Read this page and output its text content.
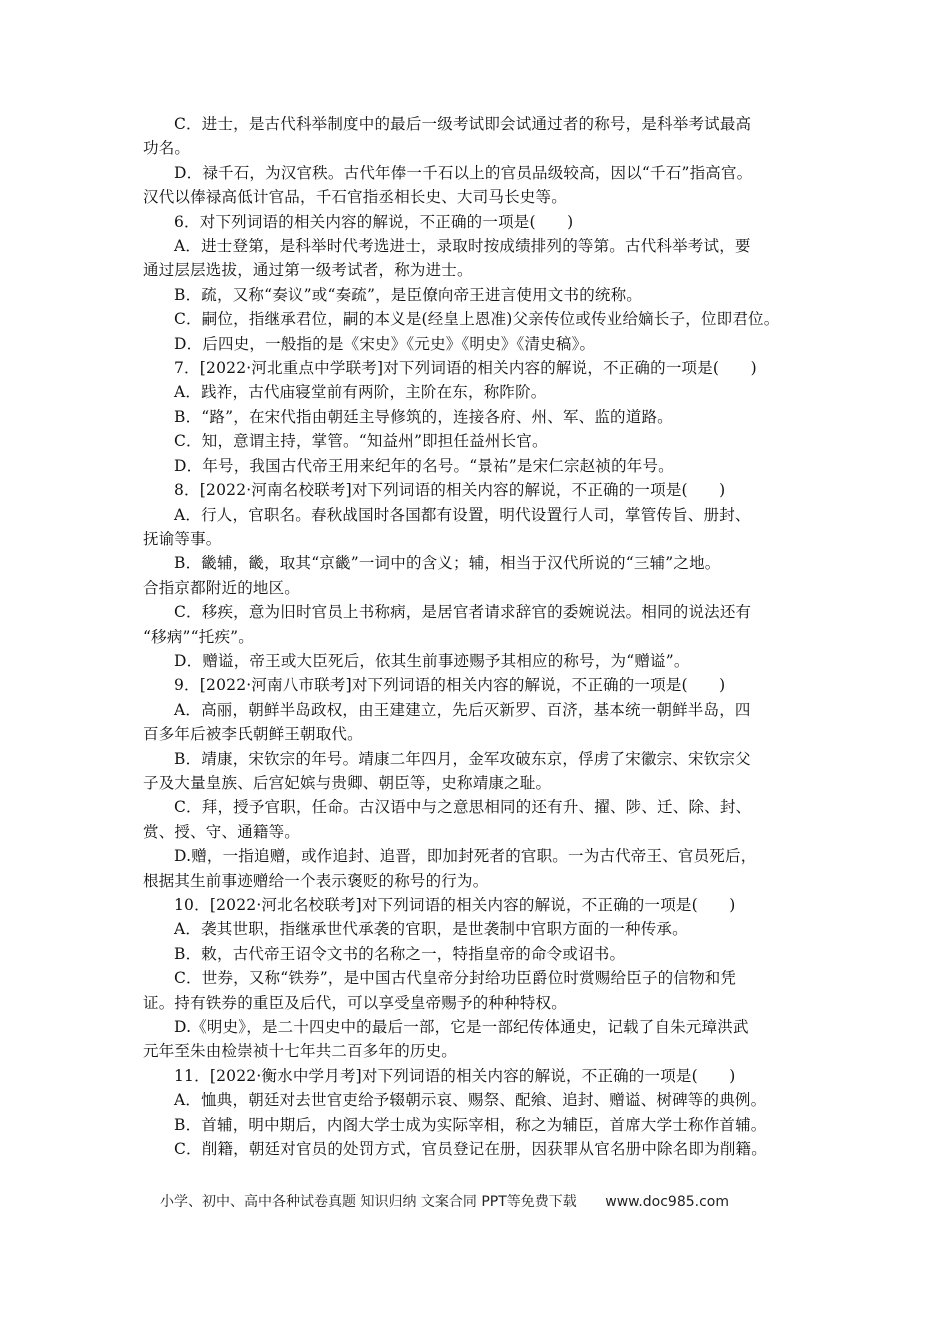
C．进士，是古代科举制度中的最后一级考试即会试通过者的称号，是科举考试最高
功名。
D．禄千石，为汉官秩。古代年俸一千石以上的官员品级较高，因以“千石”指高官。
汉代以俸禄高低计官品，千石官指丞相长史、大司马长史等。
6．对下列词语的相关内容的解说，不正确的一项是(　　)
A．进士登第，是科举时代考选进士，录取时按成绩排列的等第。古代科举考试，要
通过层层选拔，通过第一级考试者，称为进士。
B．疏，又称“奏议”或“奏疏”，是臣僚向帝王进言使用文书的统称。
C．嗣位，指继承君位，嗣的本义是(经皇上恩准)父亲传位或传业给嫡长子，位即君位。
D．后四史，一般指的是《宋史》《元史》《明史》《清史稿》。
7．[2022·河北重点中学联考]对下列词语的相关内容的解说，不正确的一项是(　　)
A．践祚，古代庙寝堂前有两阶，主阶在东，称阼阶。
B．“路”，在宋代指由朝廷主导修筑的，连接各府、州、军、监的道路。
C．知，意谓主持，掌管。“知益州”即担任益州长官。
D．年号，我国古代帝王用来纪年的名号。“景祐”是宋仁宗赵祯的年号。
8．[2022·河南名校联考]对下列词语的相关内容的解说，不正确的一项是(　　)
A．行人，官职名。春秋战国时各国都有设置，明代设置行人司，掌管传旨、册封、
抚谕等事。
B．畿辅，畿，取其“京畿”一词中的含义；辅，相当于汉代所说的“三辅”之地。
合指京都附近的地区。
C．移疾，意为旧时官员上书称病，是居官者请求辞官的委婉说法。相同的说法还有
“移病”“托疾”。
D．赠谥，帝王或大臣死后，依其生前事迹赐予其相应的称号，为“赠谥”。
9．[2022·河南八市联考]对下列词语的相关内容的解说，不正确的一项是(　　)
A．高丽，朝鲜半岛政权，由王建建立，先后灭新罗、百济，基本统一朝鲜半岛，四
百多年后被李氏朝鲜王朝取代。
B．靖康，宋钦宗的年号。靖康二年四月，金军攻破东京，俘虏了宋徽宗、宋钦宗父
子及大量皇族、后宫妃嫔与贵卿、朝臣等，史称靖康之耻。
C．拜，授予官职，任命。古汉语中与之意思相同的还有升、擢、陟、迁、除、封、
赏、授、守、通籍等。
D.赠，一指追赠，或作追封、追晋，即加封死者的官职。一为古代帝王、官员死后，
根据其生前事迹赠给一个表示褒贬的称号的行为。
10．[2022·河北名校联考]对下列词语的相关内容的解说，不正确的一项是(　　)
A．袭其世职，指继承世代承袭的官职，是世袭制中官职方面的一种传承。
B．敕，古代帝王诏令文书的名称之一，特指皇帝的命令或诏书。
C．世券，又称“铁券”，是中国古代皇帝分封给功臣爵位时赏赐给臣子的信物和凭
证。持有铁券的重臣及后代，可以享受皇帝赐予的种种特权。
D.《明史》，是二十四史中的最后一部，它是一部纪传体通史，记载了自朱元璋洪武
元年至朱由检崇祯十七年共二百多年的历史。
11．[2022·衡水中学月考]对下列词语的相关内容的解说，不正确的一项是(　　)
A．恤典，朝廷对去世官吏给予辍朝示哀、赐祭、配飨、追封、赠谥、树碑等的典例。
B．首辅，明中期后，内阁大学士成为实际宰相，称之为辅臣，首席大学士称作首辅。
C．削籍，朝廷对官员的处罚方式，官员登记在册，因获罪从官名册中除名即为削籍。
小学、初中、高中各种试卷真题 知识归纳 文案合同 PPT等免费下载 www.doc985.com
